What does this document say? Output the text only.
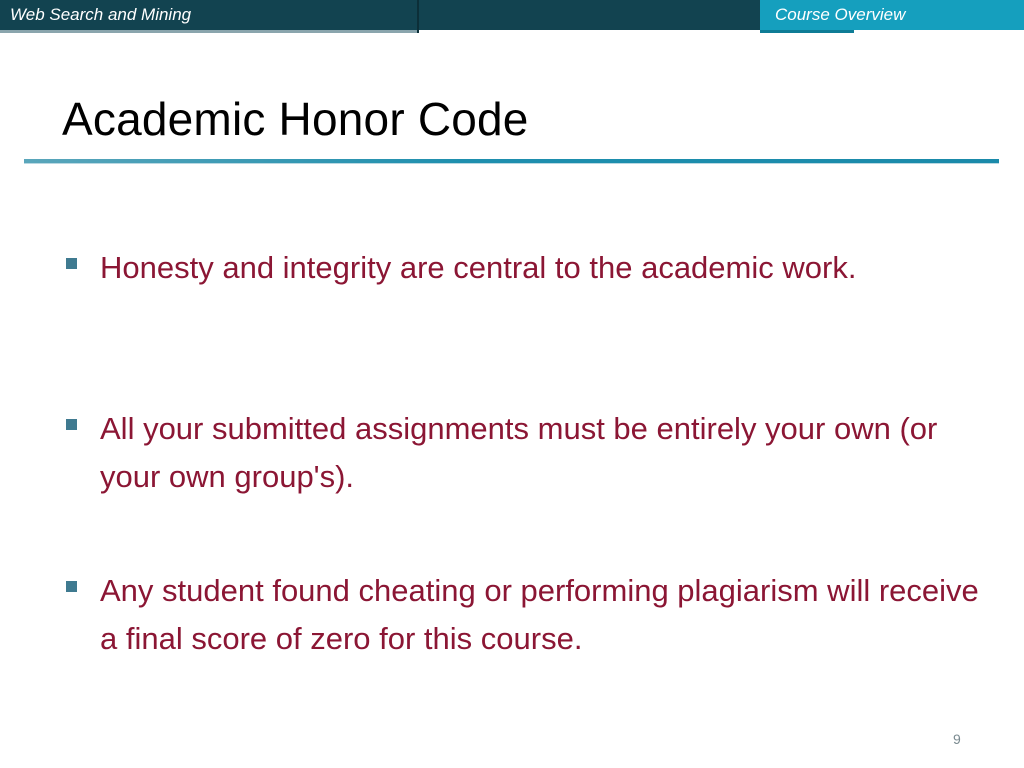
Web Search and Mining	Course Overview
Academic Honor Code
Honesty and integrity are central to the academic work.
All your submitted assignments must be entirely your own (or your own group's).
Any student found cheating or performing plagiarism will receive a final score of zero for this course.
9
